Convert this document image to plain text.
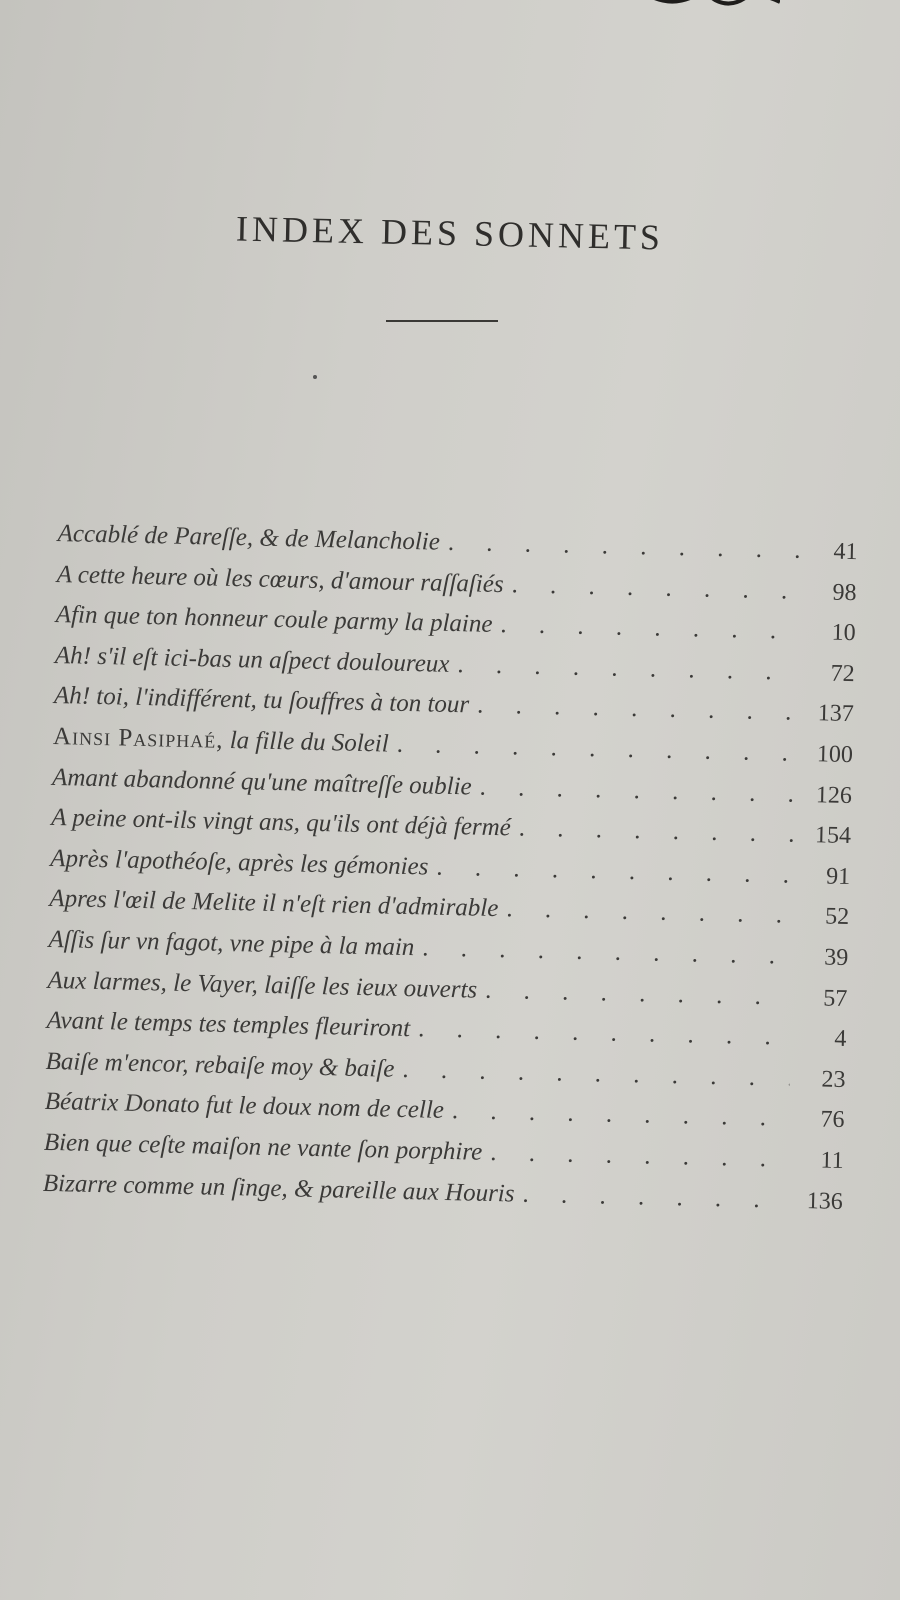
INDEX DES SONNETS
Accablé de Pareſſe, & de Melancholie . . .	41
A cette heure où les cœurs, d'amour raſſaſiés . . .	98
Afin que ton honneur coule parmy la plaine . . .	10
Ah! s'il eſt ici-bas un aſpect douloureux . . .	72
Ah! toi, l'indifférent, tu ſouffres à ton tour . . .	137
Ainsi Pasiphaé, la fille du Soleil . . .	100
Amant abandonné qu'une maîtreſſe oublie . . .	126
A peine ont-ils vingt ans, qu'ils ont déjà fermé . . .	154
Après l'apothéoſe, après les gémonies . . .	91
Apres l'œil de Melite il n'eſt rien d'admirable . . .	52
Aſſis ſur vn fagot, vne pipe à la main . . .	39
Aux larmes, le Vayer, laiſſe les ieux ouverts . . .	57
Avant le temps tes temples fleuriront . . .	4
Baiſe m'encor, rebaiſe moy & baiſe . . .	23
Béatrix Donato fut le doux nom de celle . . .	76
Bien que ceſte maiſon ne vante ſon porphire . . .	11
Bizarre comme un ſinge, & pareille aux Houris . . .	136
